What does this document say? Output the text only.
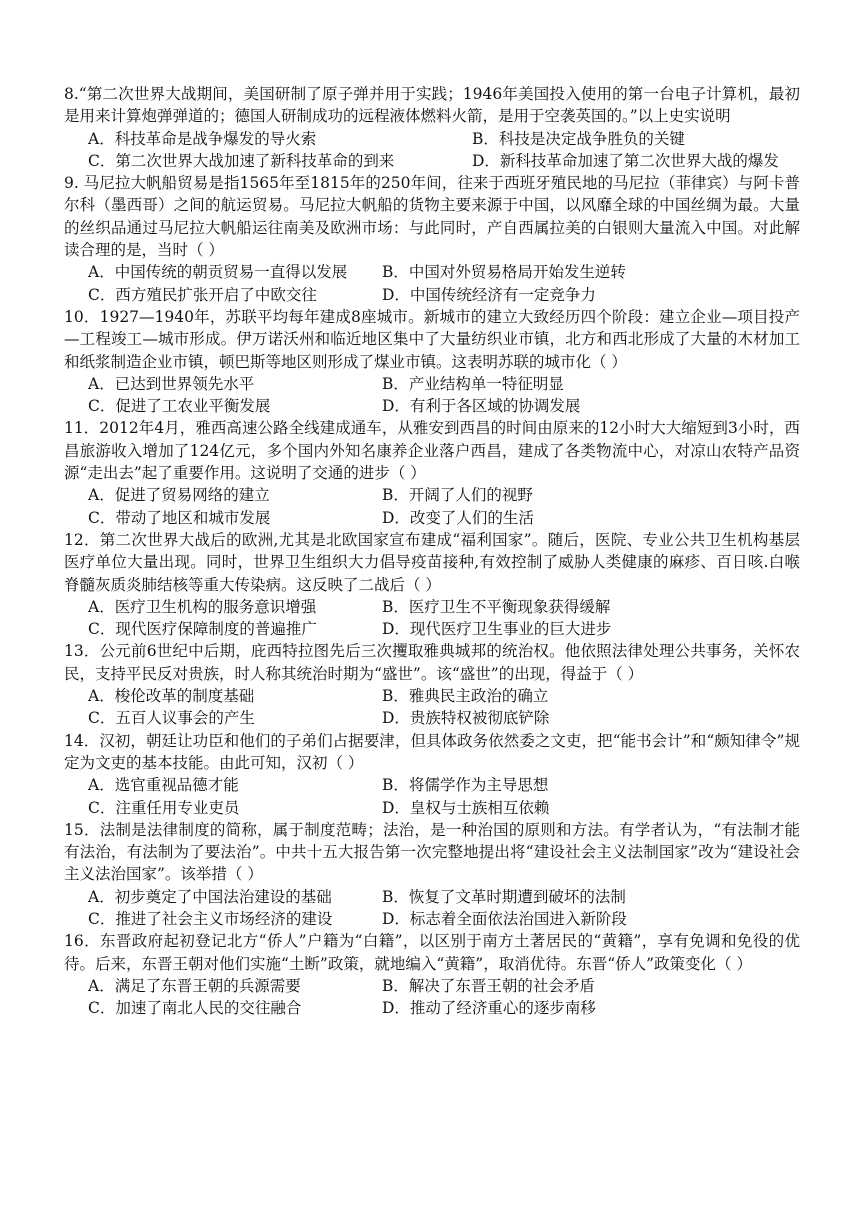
8.“第二次世界大战期间，美国研制了原子弹并用于实践；1946年美国投入使用的第一台电子计算机，最初是用来计算炮弹弹道的；德国人研制成功的远程液体燃料火箭，是用于空袭英国的。”以上史实说明

A．科技革命是战争爆发的导火索	B．科技是决定战争胜负的关键
C．第二次世界大战加速了新科技革命的到来	D．新科技革命加速了第二次世界大战的爆发

9. 马尼拉大帆船贸易是指1565年至1815年的250年间，往来于西班牙殖民地的马尼拉（菲律宾）与阿卡普尔科（墨西哥）之间的航运贸易。马尼拉大帆船的货物主要来源于中国，以风靡全球的中国丝绸为最。大量的丝织品通过马尼拉大帆船运往南美及欧洲市场：与此同时，产自西属拉美的白银则大量流入中国。对此解读合理的是，当时（ ）

A．中国传统的朝贡贸易一直得以发展	B．中国对外贸易格局开始发生逆转
C．西方殖民扩张开启了中欧交往	D．中国传统经济有一定竞争力

10．1927—1940年，苏联平均每年建成8座城市。新城市的建立大致经历四个阶段：建立企业—项目投产—工程竣工—城市形成。伊万诺沃州和临近地区集中了大量纺织业市镇，北方和西北形成了大量的木材加工和纸浆制造企业市镇，顿巴斯等地区则形成了煤业市镇。这表明苏联的城市化（ ）

A．已达到世界领先水平	B．产业结构单一特征明显
C．促进了工农业平衡发展	D．有利于各区域的协调发展

11．2012年4月，雅西高速公路全线建成通车，从雅安到西昌的时间由原来的12小时大大缩短到3小时，西昌旅游收入增加了124亿元，多个国内外知名康养企业落户西昌，建成了各类物流中心，对凉山农特产品资源“走出去”起了重要作用。这说明了交通的进步（ ）

A．促进了贸易网络的建立	B．开阔了人们的视野
C．带动了地区和城市发展	D．改变了人们的生活

12．第二次世界大战后的欧洲,尤其是北欧国家宣布建成“福利国家”。随后，医院、专业公共卫生机构基层医疗单位大量出现。同时，世界卫生组织大力倡导疫苗接种,有效控制了威胁人类健康的麻疹、百日咳.白喉脊髓灰质炎肺结核等重大传染病。这反映了二战后（ ）

A．医疗卫生机构的服务意识增强	B．医疗卫生不平衡现象获得缓解
C．现代医疗保障制度的普遍推广	D．现代医疗卫生事业的巨大进步

13．公元前6世纪中后期，庇西特拉图先后三次攫取雅典城邦的统治权。他依照法律处理公共事务，关怀农民，支持平民反对贵族，时人称其统治时期为“盛世”。该“盛世”的出现，得益于（ ）

A．梭伦改革的制度基础	B．雅典民主政治的确立
C．五百人议事会的产生	D．贵族特权被彻底铲除

14．汉初，朝廷让功臣和他们的子弟们占据要津，但具体政务依然委之文吏，把“能书会计”和“颇知律令”规定为文吏的基本技能。由此可知，汉初（ ）

A．选官重视品德才能	B．将儒学作为主导思想
C．注重任用专业吏员	D．皇权与士族相互依赖

15．法制是法律制度的简称，属于制度范畴；法治，是一种治国的原则和方法。有学者认为，“有法制才能有法治，有法制为了要法治”。中共十五大报告第一次完整地提出将“建设社会主义法制国家”改为“建设社会主义法治国家”。该举措（ ）

A．初步奠定了中国法治建设的基础	B．恢复了文革时期遭到破坏的法制
C．推进了社会主义市场经济的建设	D．标志着全面依法治国进入新阶段

16．东晋政府起初登记北方“侨人”户籍为“白籍”，以区别于南方土著居民的“黄籍”，享有免调和免役的优待。后来，东晋王朝对他们实施“土断”政策，就地编入“黄籍”，取消优待。东晋“侨人”政策变化（ ）

A．满足了东晋王朝的兵源需要	B．解决了东晋王朝的社会矛盾
C．加速了南北人民的交往融合	D．推动了经济重心的逐步南移
